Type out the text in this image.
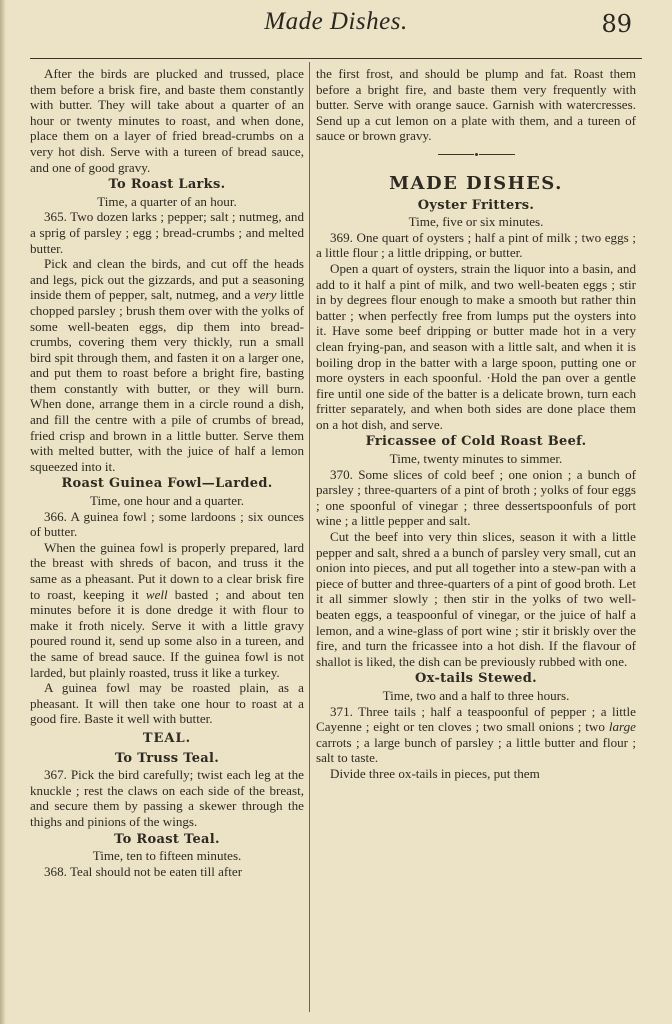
Made Dishes.	89

After the birds are plucked and trussed, place them before a brisk fire, and baste them constantly with butter. They will take about a quarter of an hour or twenty minutes to roast, and when done, place them on a layer of fried bread-crumbs on a very hot dish. Serve with a tureen of bread sauce, and one of good gravy.

To Roast Larks.

Time, a quarter of an hour.

365. Two dozen larks ; pepper; salt ; nutmeg, and a sprig of parsley ; egg ; bread-crumbs ; and melted butter.

Pick and clean the birds, and cut off the heads and legs, pick out the gizzards, and put a seasoning inside them of pepper, salt, nutmeg, and a very little chopped parsley ; brush them over with the yolks of some well-beaten eggs, dip them into bread-crumbs, covering them very thickly, run a small bird spit through them, and fasten it on a larger one, and put them to roast before a bright fire, basting them constantly with butter, or they will burn. When done, arrange them in a circle round a dish, and fill the centre with a pile of crumbs of bread, fried crisp and brown in a little butter. Serve them with melted butter, with the juice of half a lemon squeezed into it.

Roast Guinea Fowl—Larded.

Time, one hour and a quarter.

366. A guinea fowl ; some lardoons ; six ounces of butter.

When the guinea fowl is properly prepared, lard the breast with shreds of bacon, and truss it the same as a pheasant. Put it down to a clear brisk fire to roast, keeping it well basted ; and about ten minutes before it is done dredge it with flour to make it froth nicely. Serve it with a little gravy poured round it, send up some also in a tureen, and the same of bread sauce. If the guinea fowl is not larded, but plainly roasted, truss it like a turkey.

A guinea fowl may be roasted plain, as a pheasant. It will then take one hour to roast at a good fire. Baste it well with butter.

TEAL.
To Truss Teal.

367. Pick the bird carefully; twist each leg at the knuckle ; rest the claws on each side of the breast, and secure them by passing a skewer through the thighs and pinions of the wings.

To Roast Teal.

Time, ten to fifteen minutes.

368. Teal should not be eaten till after

the first frost, and should be plump and fat. Roast them before a bright fire, and baste them very frequently with butter. Serve with orange sauce. Garnish with watercresses. Send up a cut lemon on a plate with them, and a tureen of sauce or brown gravy.

MADE DISHES.
Oyster Fritters.

Time, five or six minutes.

369. One quart of oysters ; half a pint of milk ; two eggs ; a little flour ; a little dripping, or butter.

Open a quart of oysters, strain the liquor into a basin, and add to it half a pint of milk, and two well-beaten eggs ; stir in by degrees flour enough to make a smooth but rather thin batter ; when perfectly free from lumps put the oysters into it. Have some beef dripping or butter made hot in a very clean frying-pan, and season with a little salt, and when it is boiling drop in the batter with a large spoon, putting one or more oysters in each spoonful. ·Hold the pan over a gentle fire until one side of the batter is a delicate brown, turn each fritter separately, and when both sides are done place them on a hot dish, and serve.

Fricassee of Cold Roast Beef.

Time, twenty minutes to simmer.

370. Some slices of cold beef ; one onion ; a bunch of parsley ; three-quarters of a pint of broth ; yolks of four eggs ; one spoonful of vinegar ; three dessertspoonfuls of port wine ; a little pepper and salt.

Cut the beef into very thin slices, season it with a little pepper and salt, shred a a bunch of parsley very small, cut an onion into pieces, and put all together into a stew-pan with a piece of butter and three-quarters of a pint of good broth. Let it all simmer slowly ; then stir in the yolks of two well-beaten eggs, a teaspoonful of vinegar, or the juice of half a lemon, and a wine-glass of port wine ; stir it briskly over the fire, and turn the fricassee into a hot dish. If the flavour of shallot is liked, the dish can be previously rubbed with one.

Ox-tails Stewed.

Time, two and a half to three hours.

371. Three tails ; half a teaspoonful of pepper ; a little Cayenne ; eight or ten cloves ; two small onions ; two large carrots ; a large bunch of parsley ; a little butter and flour ; salt to taste.

Divide three ox-tails in pieces, put them
